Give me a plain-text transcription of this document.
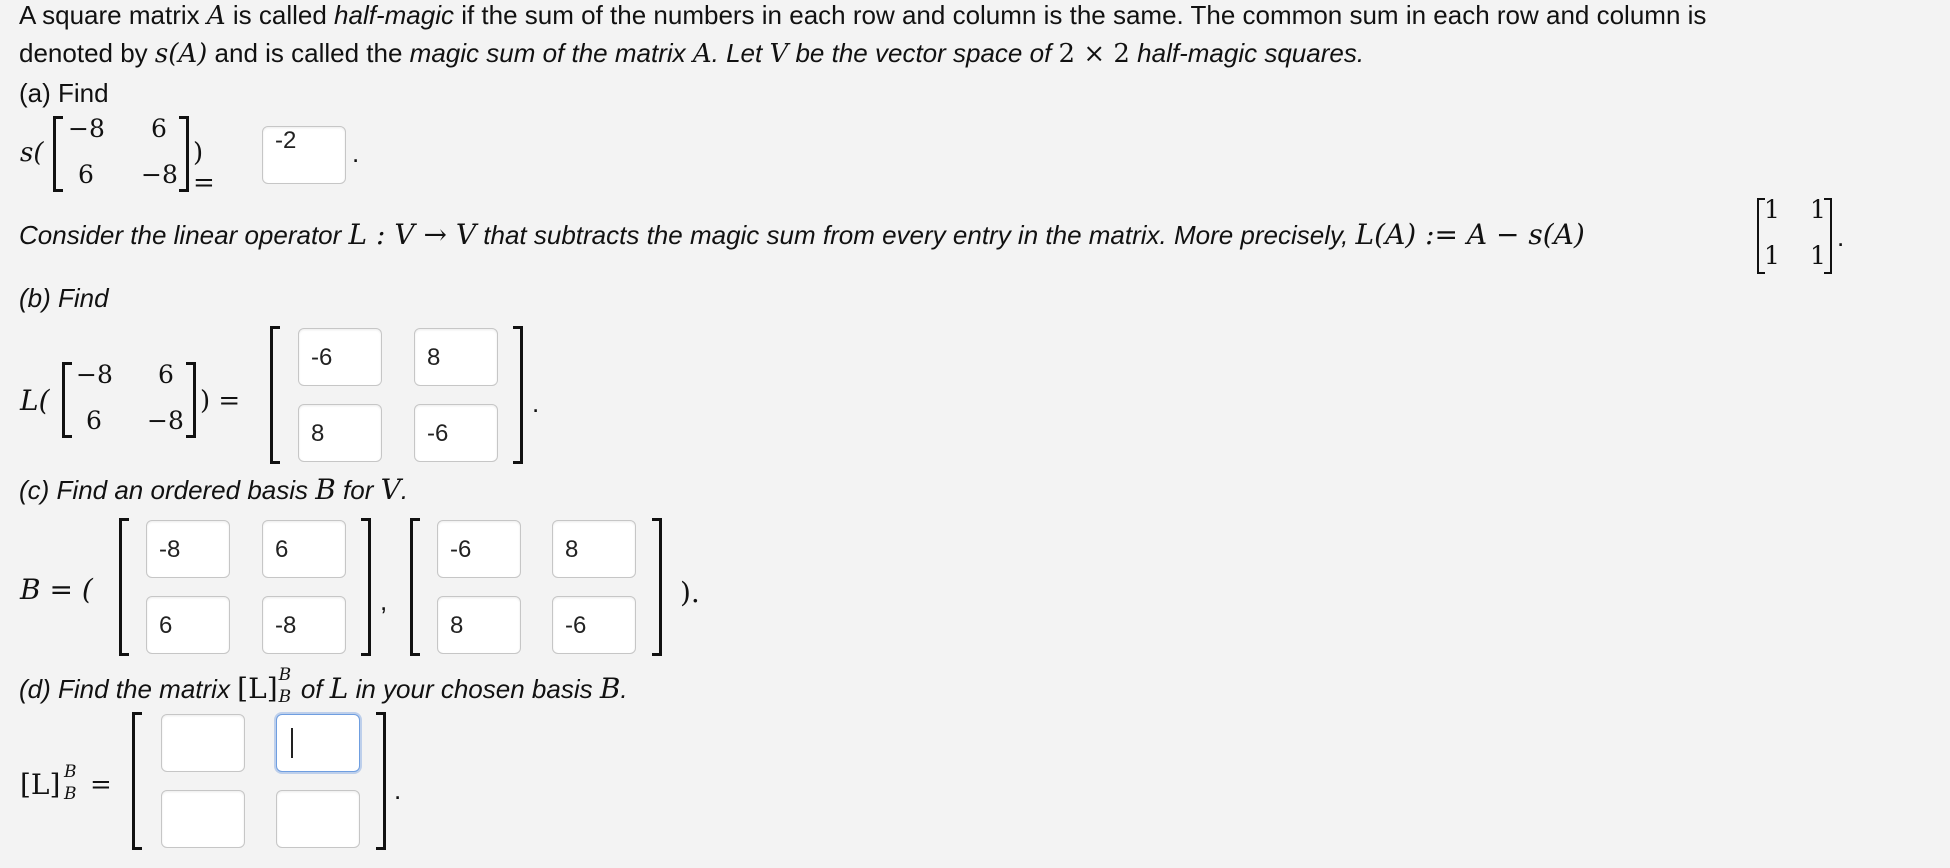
A square matrix A is called half-magic if the sum of the numbers in each row and column is the same. The common sum in each row and column is
denoted by s(A) and is called the magic sum of the matrix A. Let V be the vector space of 2 × 2 half-magic squares.
(a) Find
s(
−8 6
6 −8
) =
-2	.
Consider the linear operator L : V → V that subtracts the magic sum from every entry in the matrix. More precisely, L(A) := A − s(A)
1 1
1 1
.
(b) Find
L(
−8 6
6 −8
) =
-6	8
8	-6
.
(c) Find an ordered basis B for V.
B = (
-8	6
6	-8
,
-6	8
8	-6
).
(d) Find the matrix [L] B
B of L in your chosen basis B.
[L] B
B =	.
